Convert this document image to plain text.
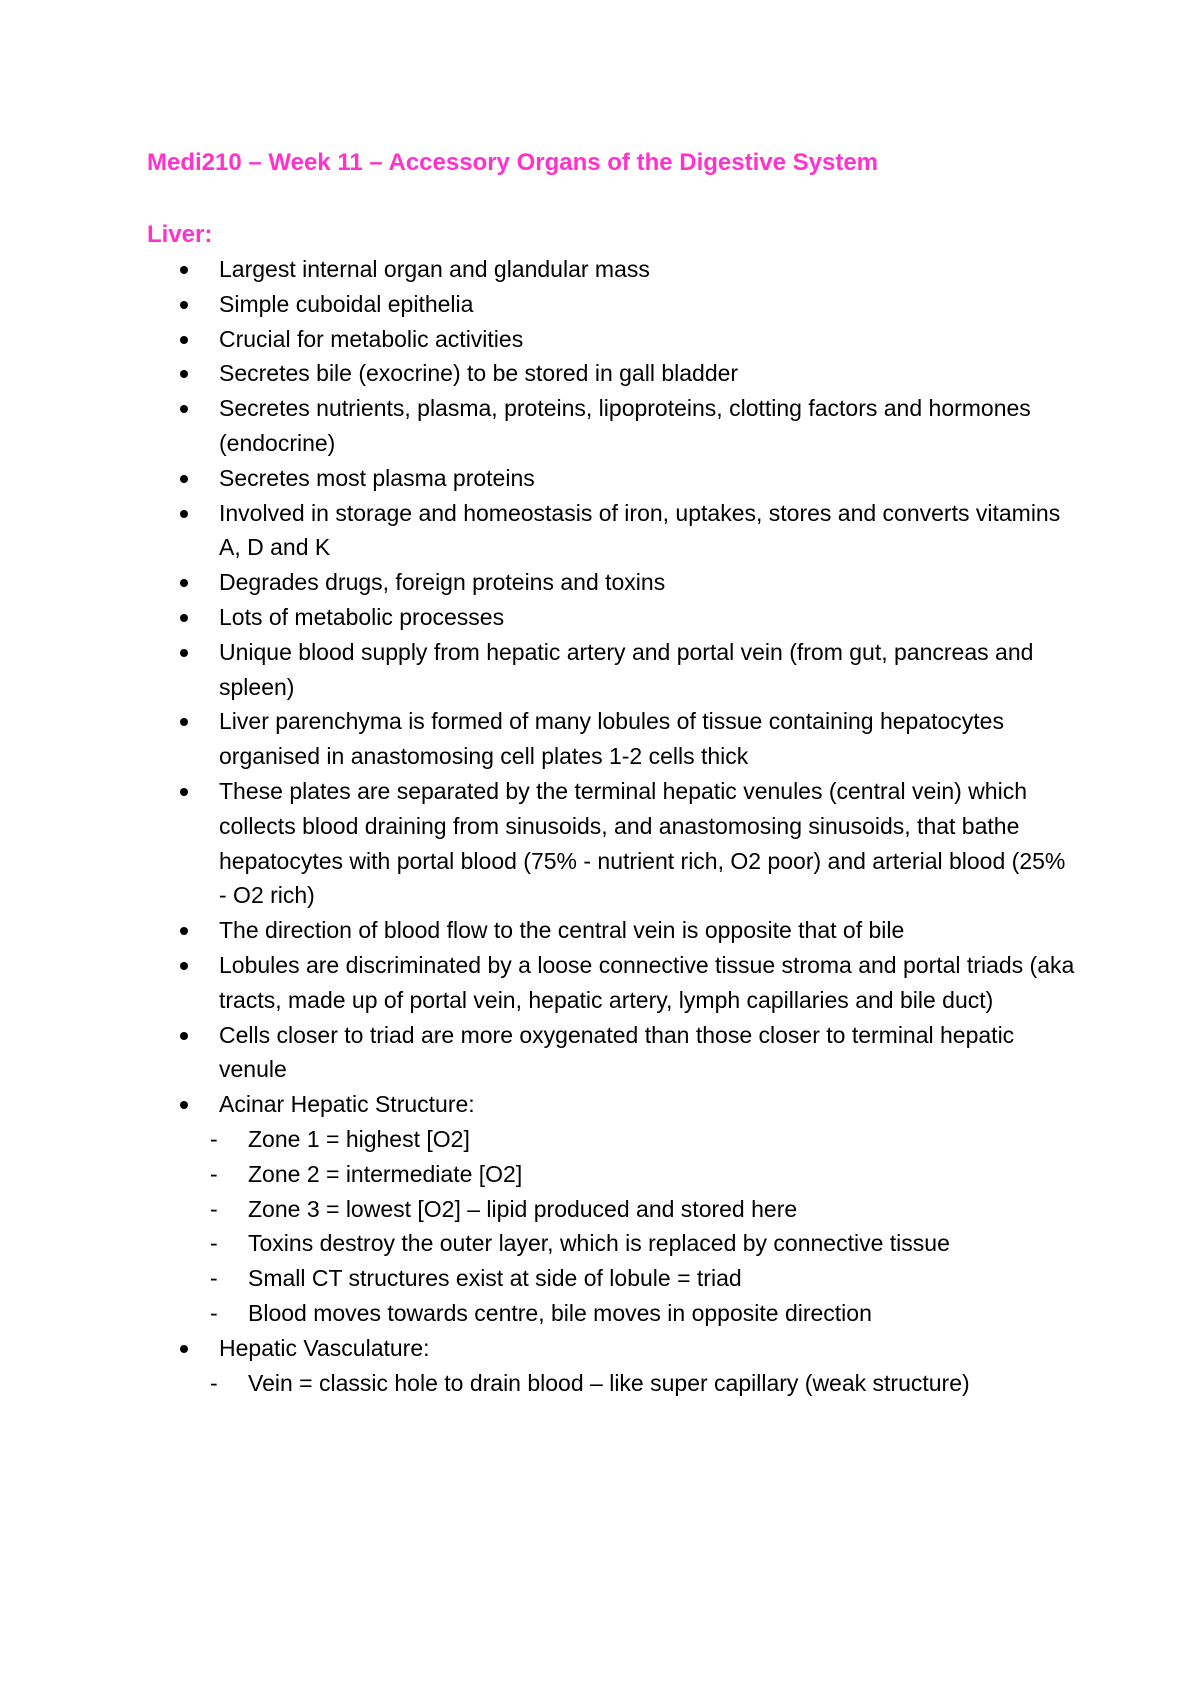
Medi210 – Week 11 – Accessory Organs of the Digestive System
Liver:
Largest internal organ and glandular mass
Simple cuboidal epithelia
Crucial for metabolic activities
Secretes bile (exocrine) to be stored in gall bladder
Secretes nutrients, plasma, proteins, lipoproteins, clotting factors and hormones (endocrine)
Secretes most plasma proteins
Involved in storage and homeostasis of iron, uptakes, stores and converts vitamins A, D and K
Degrades drugs, foreign proteins and toxins
Lots of metabolic processes
Unique blood supply from hepatic artery and portal vein (from gut, pancreas and spleen)
Liver parenchyma is formed of many lobules of tissue containing hepatocytes organised in anastomosing cell plates 1-2 cells thick
These plates are separated by the terminal hepatic venules (central vein) which collects blood draining from sinusoids, and anastomosing sinusoids, that bathe hepatocytes with portal blood (75% - nutrient rich, O2 poor) and arterial blood (25% - O2 rich)
The direction of blood flow to the central vein is opposite that of bile
Lobules are discriminated by a loose connective tissue stroma and portal triads (aka tracts, made up of portal vein, hepatic artery, lymph capillaries and bile duct)
Cells closer to triad are more oxygenated than those closer to terminal hepatic venule
Acinar Hepatic Structure:
-	Zone 1 = highest [O2]
-	Zone 2 = intermediate [O2]
-	Zone 3 = lowest [O2] – lipid produced and stored here
-	Toxins destroy the outer layer, which is replaced by connective tissue
-	Small CT structures exist at side of lobule = triad
-	Blood moves towards centre, bile moves in opposite direction
Hepatic Vasculature:
-	Vein = classic hole to drain blood – like super capillary (weak structure)
